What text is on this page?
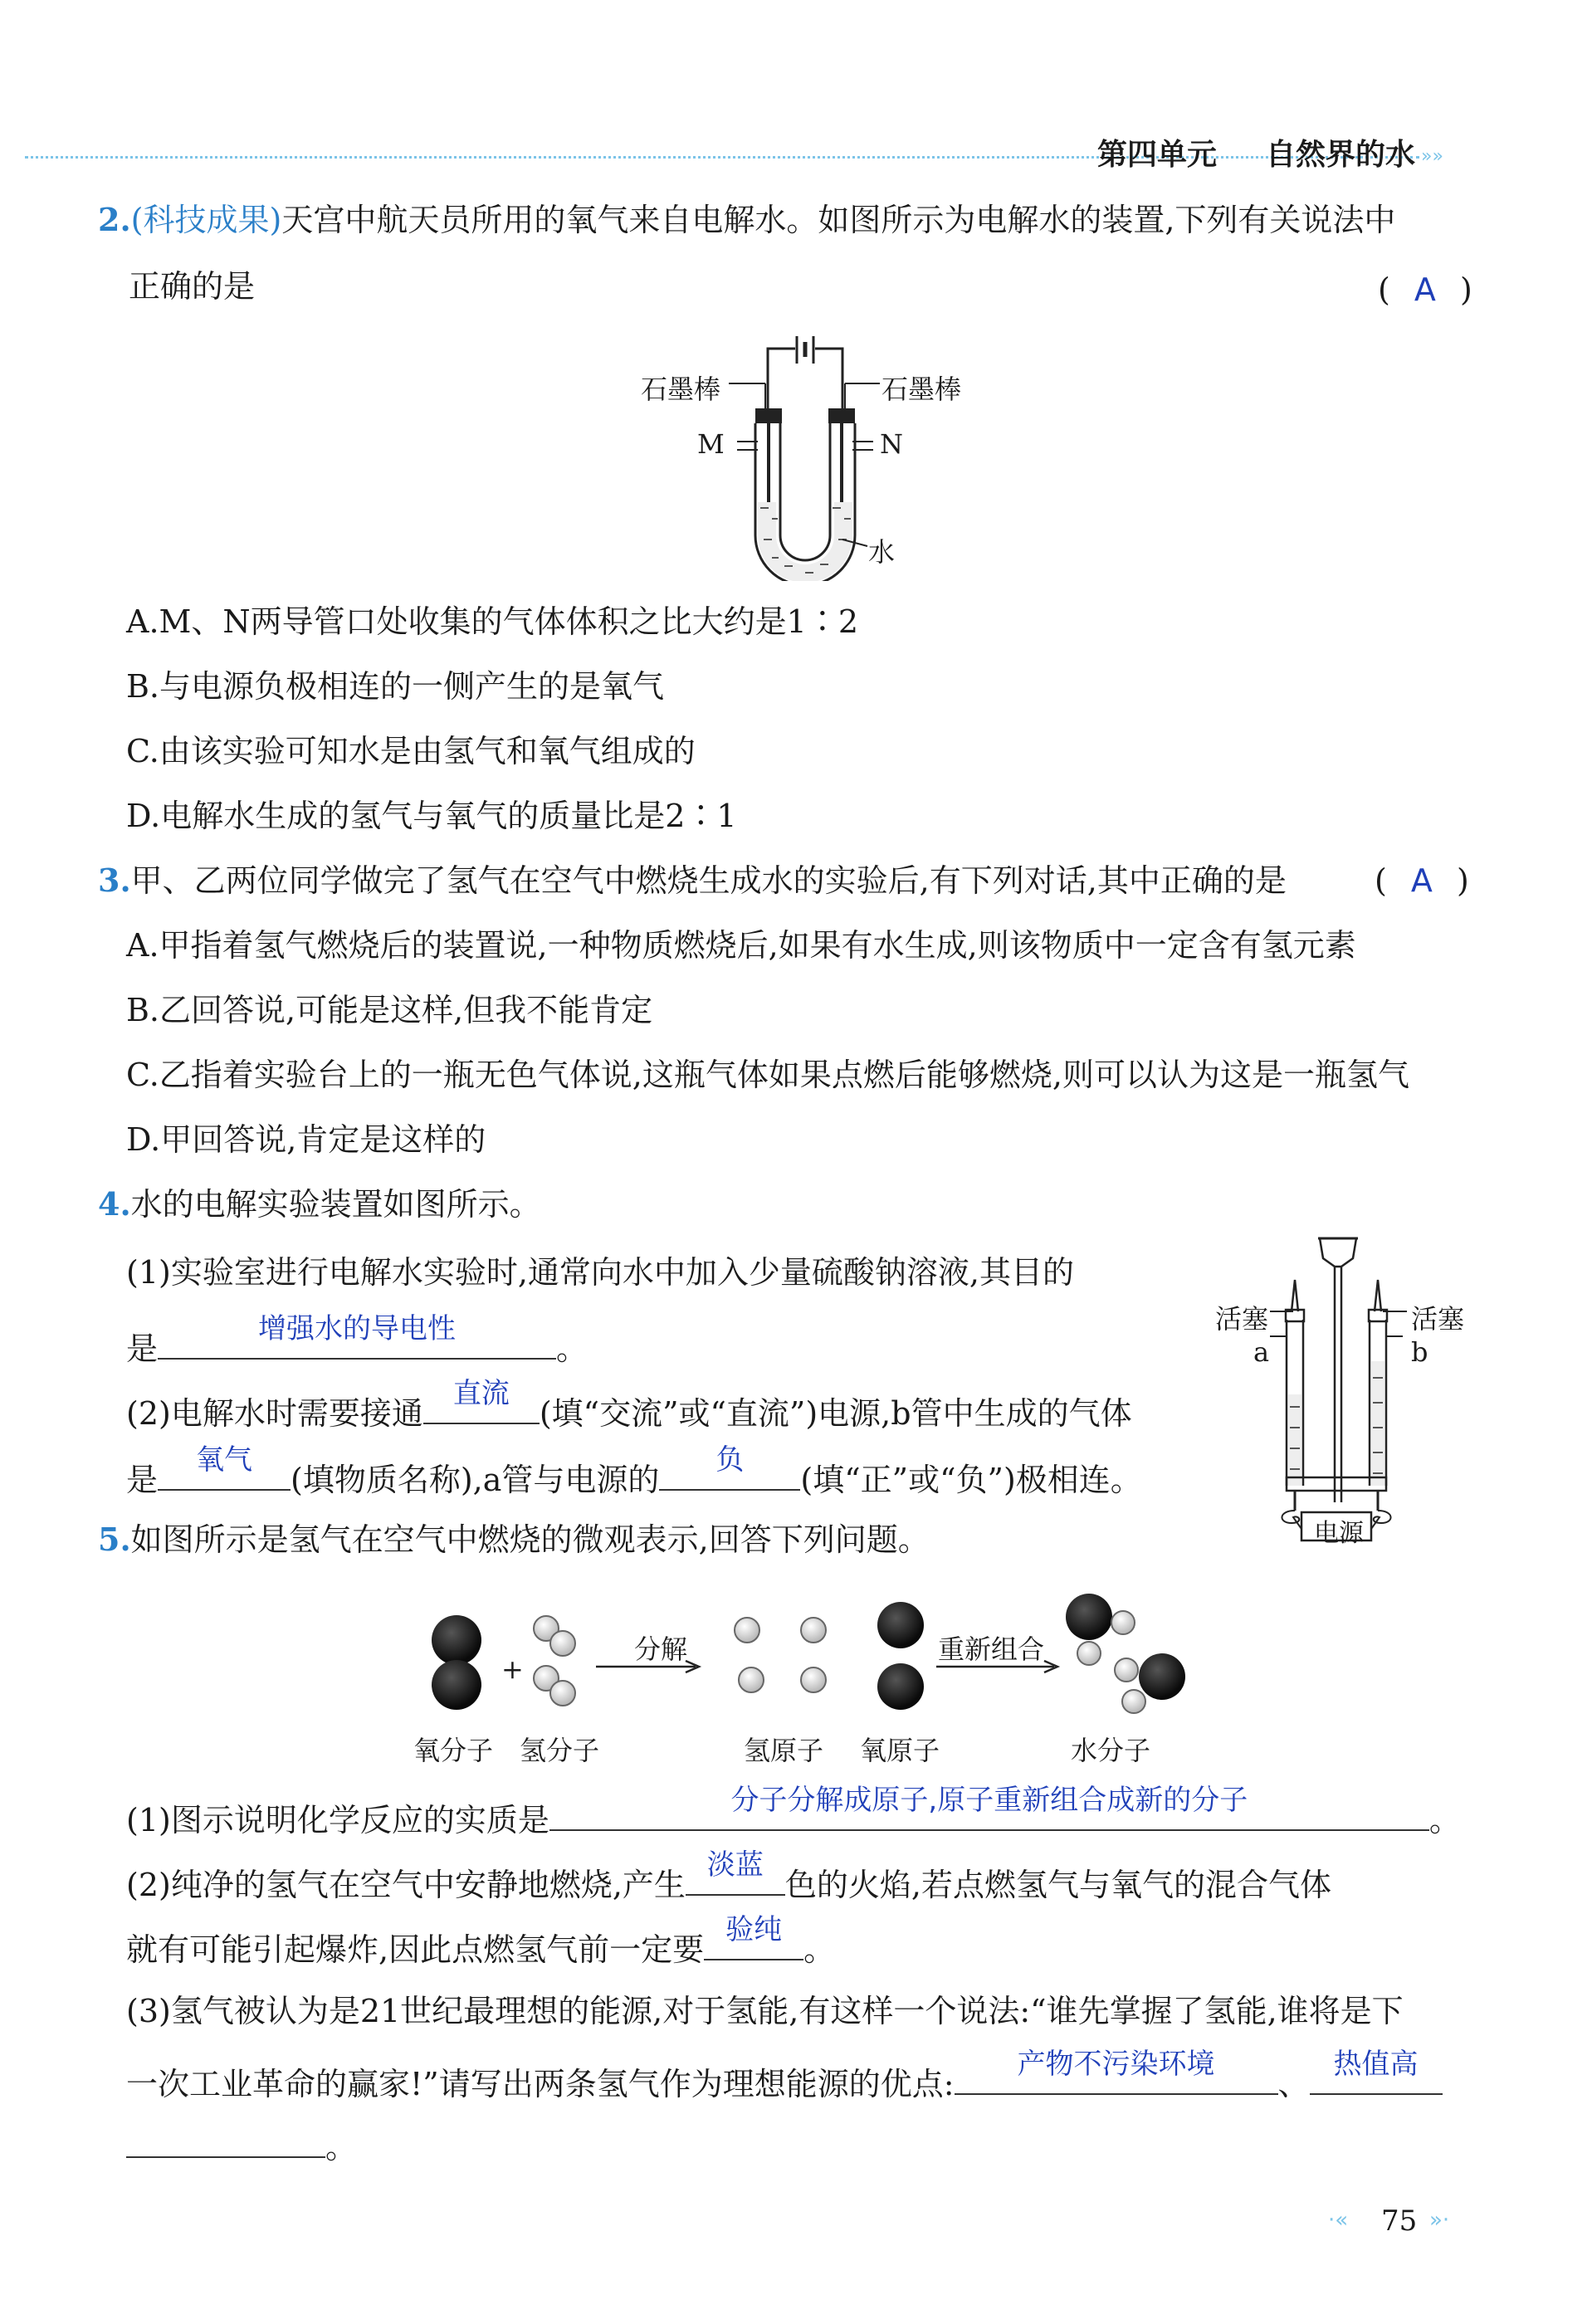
»»
第四单元 自然界的水
2.(科技成果)天宫中航天员所用的氧气来自电解水。如图所示为电解水的装置,下列有关说法中
正确的是	( A )
石墨棒	石墨棒
M	N
水
A.M、N两导管口处收集的气体体积之比大约是1∶2
B.与电源负极相连的一侧产生的是氧气
C.由该实验可知水是由氢气和氧气组成的
D.电解水生成的氢气与氧气的质量比是2∶1
3.甲、乙两位同学做完了氢气在空气中燃烧生成水的实验后,有下列对话,其中正确的是	( A )
A.甲指着氢气燃烧后的装置说,一种物质燃烧后,如果有水生成,则该物质中一定含有氢元素
B.乙回答说,可能是这样,但我不能肯定
C.乙指着实验台上的一瓶无色气体说,这瓶气体如果点燃后能够燃烧,则可以认为这是一瓶氢气
D.甲回答说,肯定是这样的
4.水的电解实验装置如图所示。
(1)实验室进行电解水实验时,通常向水中加入少量硫酸钠溶液,其目的
是
增强水的导电性
。
(2)电解水时需要接通
直流
(填“交流”或“直流”)电源,b管中生成的气体
是
氧气
(填物质名称),a管与电源的
负
(填“正”或“负”)极相连。
活塞	活塞
a	b
电源
5.如图所示是氢气在空气中燃烧的微观表示,回答下列问题。
+
分解	重新组合
氧分子 氢分子	氢原子 氧原子	水分子
(1)图示说明化学反应的实质是
分子分解成原子,原子重新组合成新的分子
。
(2)纯净的氢气在空气中安静地燃烧,产生
淡蓝
色的火焰,若点燃氢气与氧气的混合气体
就有可能引起爆炸,因此点燃氢气前一定要
验纯
。
(3)氢气被认为是21世纪最理想的能源,对于氢能,有这样一个说法:“谁先掌握了氢能,谁将是下
一次工业革命的赢家!”请写出两条氢气作为理想能源的优点:
产物不污染环境
、
热值高
。
·« 75 »·
